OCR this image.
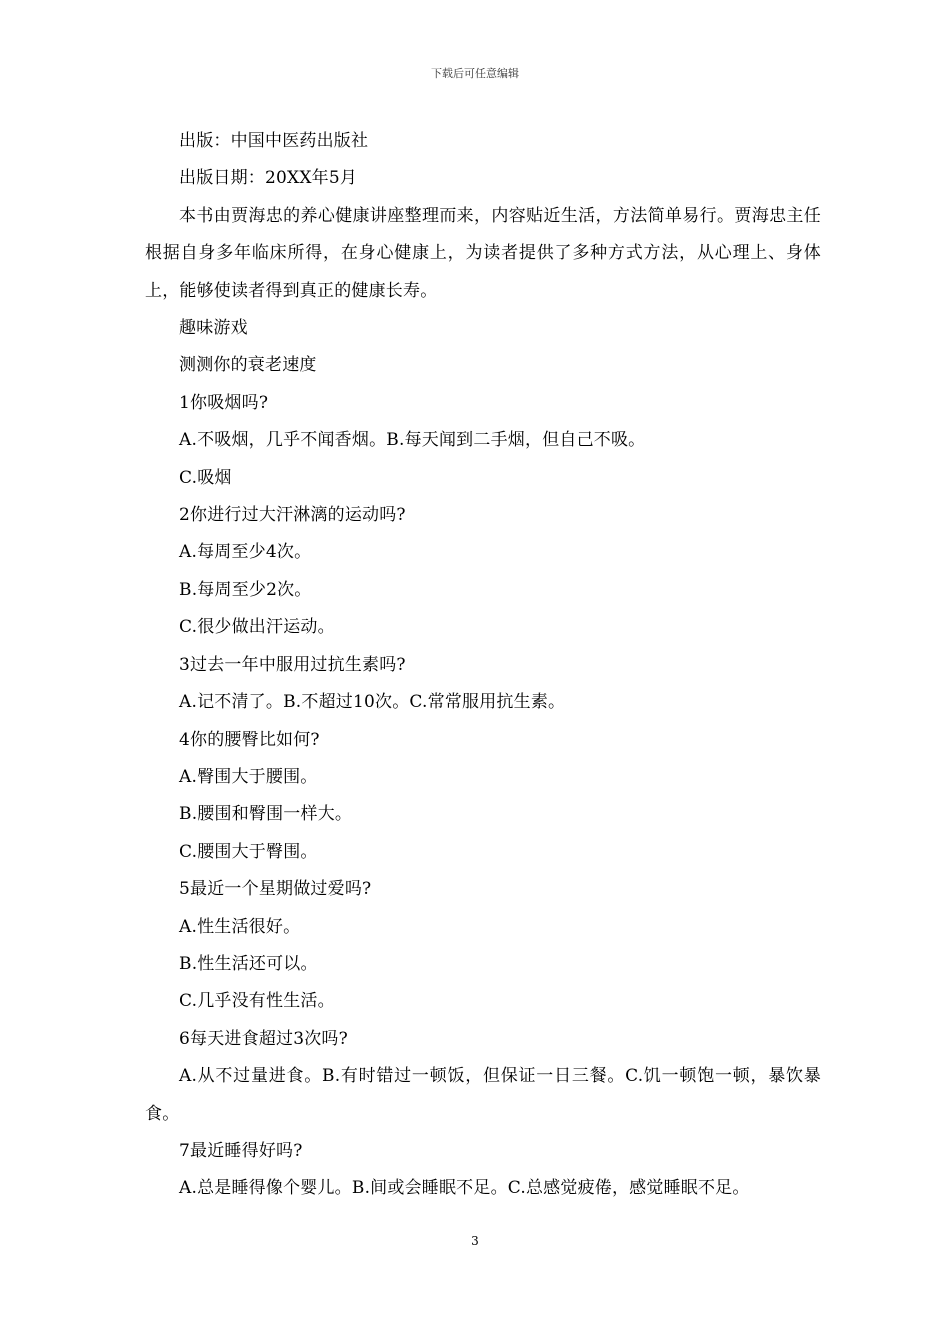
下载后可任意编辑

出版：中国中医药出版社

出版日期：20XX年5月

本书由贾海忠的养心健康讲座整理而来，内容贴近生活，方法简单易行。贾海忠主任根据自身多年临床所得，在身心健康上，为读者提供了多种方式方法，从心理上、身体上，能够使读者得到真正的健康长寿。

趣味游戏

测测你的衰老速度

1你吸烟吗?

A.不吸烟，几乎不闻香烟。B.每天闻到二手烟，但自己不吸。

C.吸烟

2你进行过大汗淋漓的运动吗?

A.每周至少4次。

B.每周至少2次。

C.很少做出汗运动。

3过去一年中服用过抗生素吗?

A.记不清了。B.不超过10次。C.常常服用抗生素。

4你的腰臀比如何?

A.臀围大于腰围。

B.腰围和臀围一样大。

C.腰围大于臀围。

5最近一个星期做过爱吗?

A.性生活很好。

B.性生活还可以。

C.几乎没有性生活。

6每天进食超过3次吗?

A.从不过量进食。B.有时错过一顿饭，但保证一日三餐。C.饥一顿饱一顿，暴饮暴食。

7最近睡得好吗?

A.总是睡得像个婴儿。B.间或会睡眠不足。C.总感觉疲倦，感觉睡眠不足。

3
